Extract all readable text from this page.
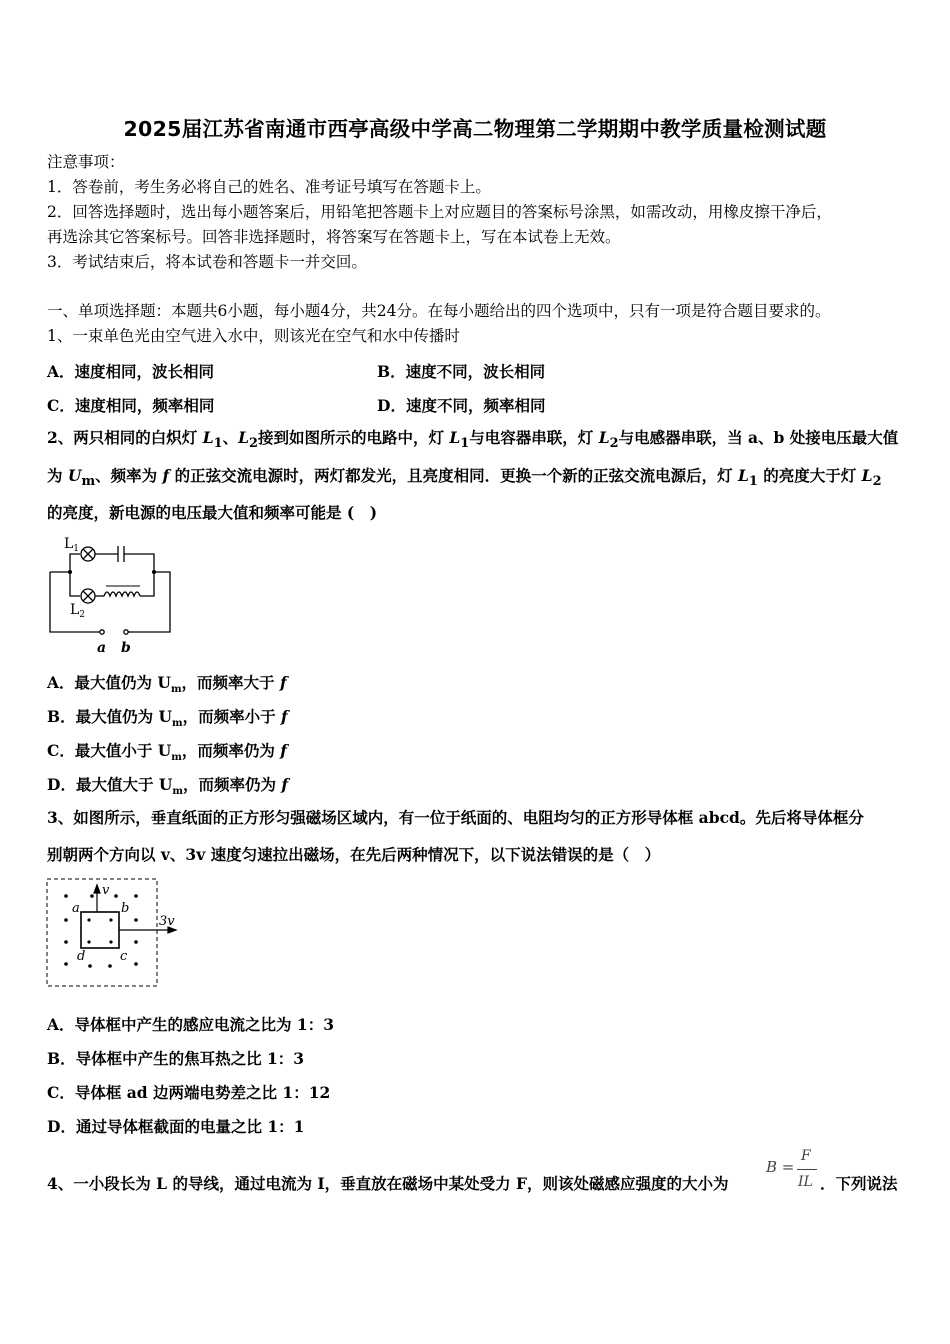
2025届江苏省南通市西亭高级中学高二物理第二学期期中教学质量检测试题
注意事项：
1．答卷前，考生务必将自己的姓名、准考证号填写在答题卡上。
2．回答选择题时，选出每小题答案后，用铅笔把答题卡上对应题目的答案标号涂黑，如需改动，用橡皮擦干净后，
再选涂其它答案标号。回答非选择题时，将答案写在答题卡上，写在本试卷上无效。
3．考试结束后，将本试卷和答题卡一并交回。
一、单项选择题：本题共6小题，每小题4分，共24分。在每小题给出的四个选项中，只有一项是符合题目要求的。
1、一束单色光由空气进入水中，则该光在空气和水中传播时
A．速度相同，波长相同	B．速度不同，波长相同
C．速度相同，频率相同	D．速度不同，频率相同
2、两只相同的白炽灯 $L_1$、$L_2$接到如图所示的电路中，灯 $L_1$与电容器串联，灯 $L_2$与电感器串联，当 a、b 处接电压最大值
为 $U_m$、频率为 f 的正弦交流电源时，两灯都发光，且亮度相同．更换一个新的正弦交流电源后，灯 $L_1$ 的亮度大于灯 $L_2$
的亮度，新电源的电压最大值和频率可能是 (　)
$L_1$
$L_2$
a b
A．最大值仍为 $U_m$，而频率大于 f
B．最大值仍为 $U_m$，而频率小于 f
C．最大值小于 $U_m$，而频率仍为 f
D．最大值大于 $U_m$，而频率仍为 f
3、如图所示，垂直纸面的正方形匀强磁场区域内，有一位于纸面的、电阻均匀的正方形导体框 abcd。先后将导体框分
别朝两个方向以 v、3v 速度匀速拉出磁场，在先后两种情况下，以下说法错误的是（　）
v
3v
a	b
c
d
A．导体框中产生的感应电流之比为 1：3
B．导体框中产生的焦耳热之比 1：3
C．导体框 ad 边两端电势差之比 1：12
D．通过导体框截面的电量之比 1：1
4、一小段长为 L 的导线，通过电流为 I，垂直放在磁场中某处受力 F，则该处磁感应强度的大小为
B =
F
IL ．下列说法
